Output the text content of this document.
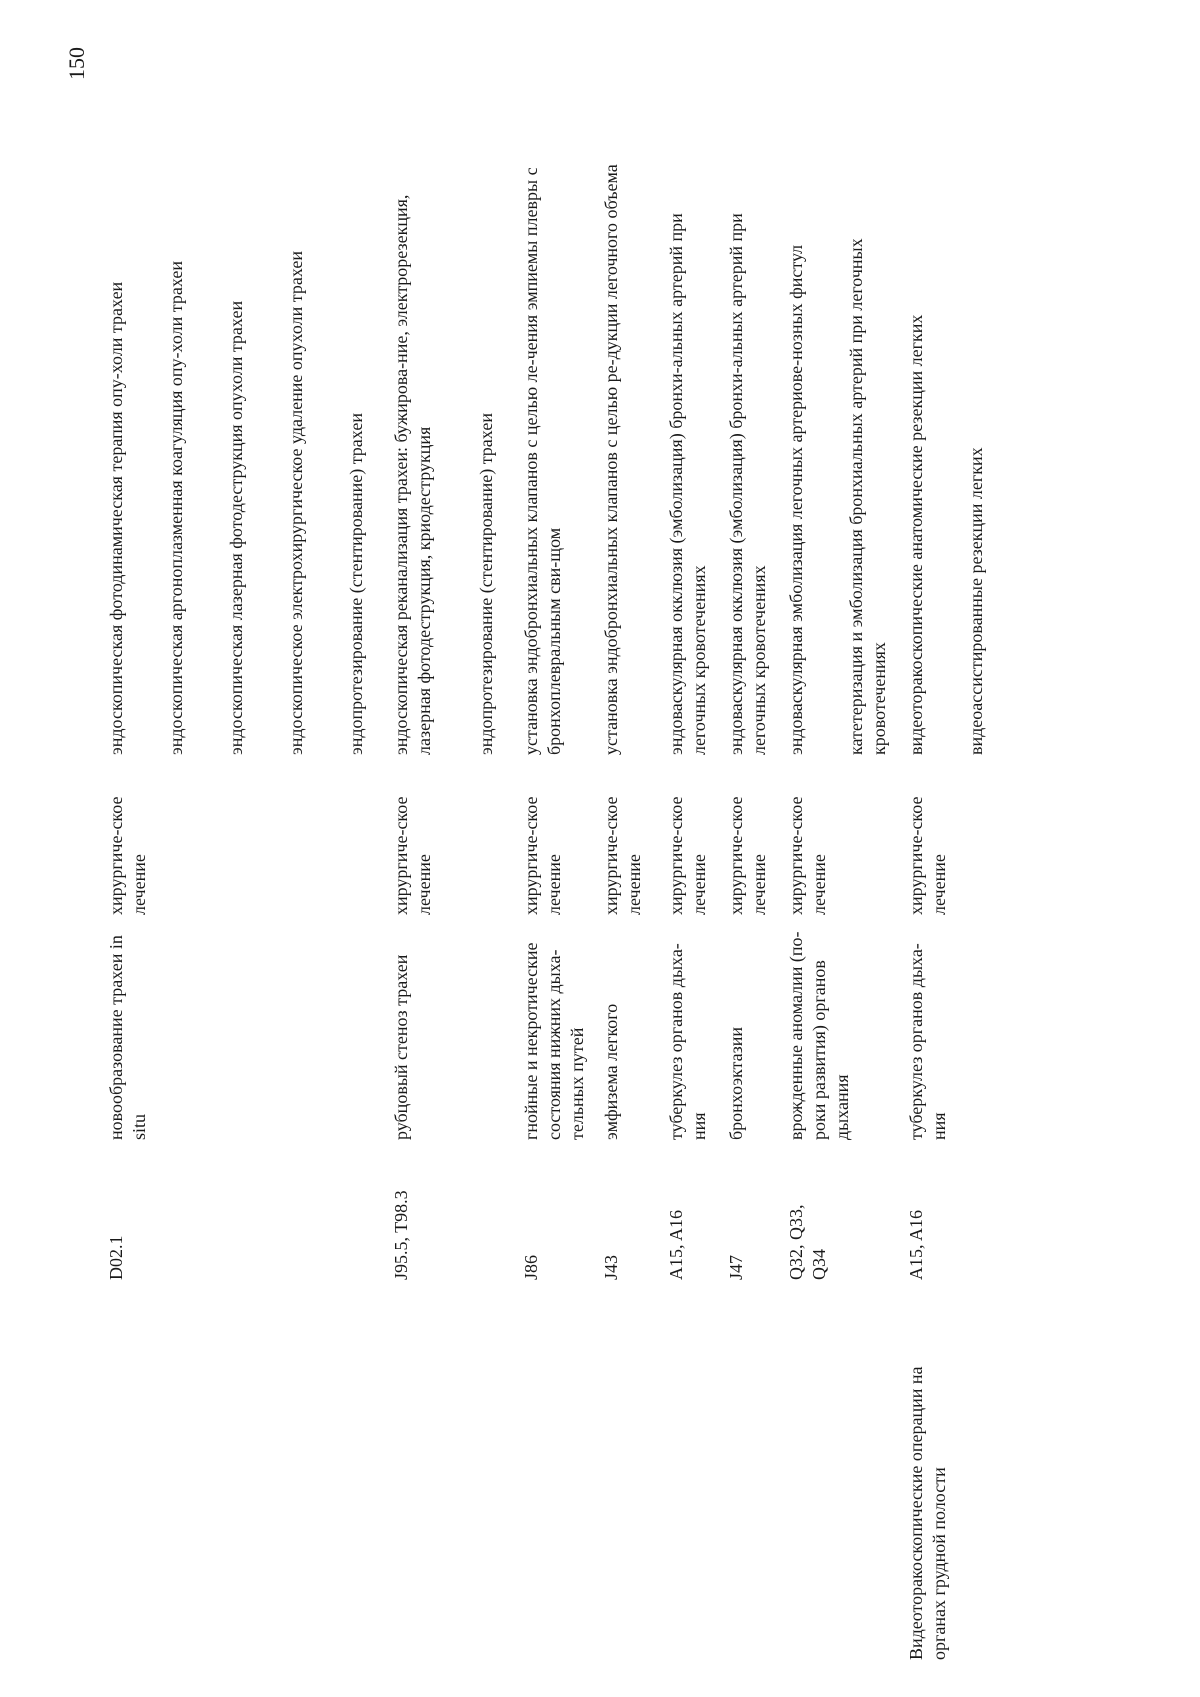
150
D02.1
новообразование трахеи in situ
хирургиче-ское лечение
эндоскопическая фотодинамическая терапия опу-холи трахеи эндоскопическая аргоноплазменная коагуляция опу-холи трахеи эндоскопическая лазерная фотодеструкция опухоли трахеи эндоскопическое электрохирургическое удаление опухоли трахеи эндопротезирование (стентирование) трахеи
J95.5, T98.3
рубцовый стеноз трахеи
хирургиче-ское лечение
эндоскопическая реканализация трахеи: бужирова-ние, электрорезекция, лазерная фотодеструкция, криодеструкция эндопротезирование (стентирование) трахеи
J86
гнойные и некротические состояния нижних дыха-тельных путей
хирургиче-ское лечение
установка эндобронхиальных клапанов с целью ле-чения эмпиемы плевры с бронхоплевральным сви-щом
J43
эмфизема легкого
хирургиче-ское лечение
установка эндобронхиальных клапанов с целью ре-дукции легочного объема
A15, A16
туберкулез органов дыха-ния
хирургиче-ское лечение
эндоваскулярная окклюзия (эмболизация) бронхи-альных артерий при легочных кровотечениях
J47
бронхоэктазии
хирургиче-ское лечение
эндоваскулярная окклюзия (эмболизация) бронхи-альных артерий при легочных кровотечениях
Q32, Q33, Q34
врожденные аномалии (по-роки развития) органов дыхания
хирургиче-ское лечение
эндоваскулярная эмболизация легочных артериове-нозных фистул катетеризация и эмболизация бронхиальных артерий при легочных кровотечениях
Видеоторакоскопические операции на органах грудной полости
A15, A16
туберкулез органов дыха-ния
хирургиче-ское лечение
видеоторакоскопические анатомические резекции легких видеоассистированные резекции легких
